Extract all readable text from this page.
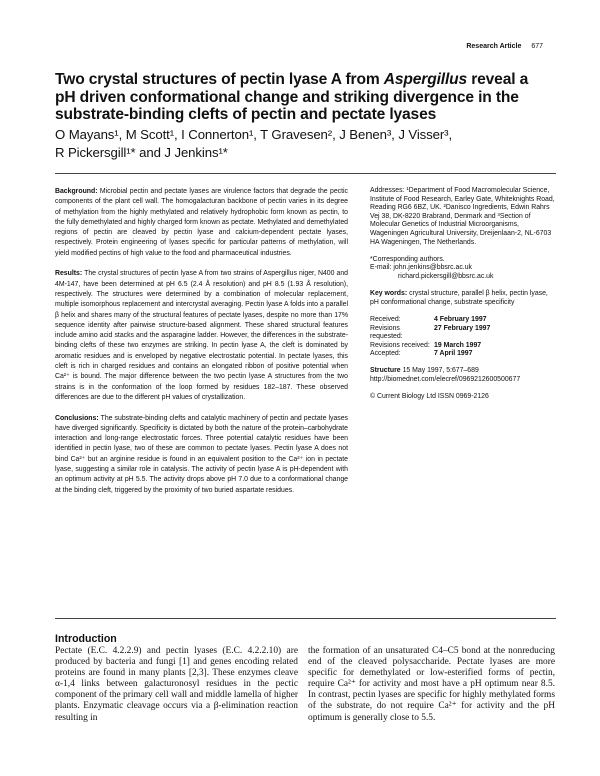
Research Article 677
Two crystal structures of pectin lyase A from Aspergillus reveal a
pH driven conformational change and striking divergence in the
substrate-binding clefts of pectin and pectate lyases
O Mayans¹, M Scott¹, I Connerton¹, T Gravesen², J Benen³, J Visser³,
R Pickersgill¹* and J Jenkins¹*

Background: Microbial pectin and pectate lyases are virulence factors that degrade the pectic components of the plant cell wall. The homogalacturan backbone of pectin varies in its degree of methylation from the highly methylated and relatively hydrophobic form known as pectin, to the fully demethylated and highly charged form known as pectate. Methylated and demethylated regions of pectin are cleaved by pectin lyase and calcium-dependent pectate lyases, respectively. Protein engineering of lyases specific for particular patterns of methylation, will yield modified pectins of high value to the food and pharmaceutical industries.

Results: The crystal structures of pectin lyase A from two strains of Aspergillus niger, N400 and 4M-147, have been determined at pH 6.5 (2.4 Å resolution) and pH 8.5 (1.93 Å resolution), respectively. The structures were determined by a combination of molecular replacement, multiple isomorphous replacement and intercrystal averaging. Pectin lyase A folds into a parallel β helix and shares many of the structural features of pectate lyases, despite no more than 17% sequence identity after pairwise structure-based alignment. These shared structural features include amino acid stacks and the asparagine ladder. However, the differences in the substrate-binding clefts of these two enzymes are striking. In pectin lyase A, the cleft is dominated by aromatic residues and is enveloped by negative electrostatic potential. In pectate lyases, this cleft is rich in charged residues and contains an elongated ribbon of positive potential when Ca²⁺ is bound. The major difference between the two pectin lyase A structures from the two strains is in the conformation of the loop formed by residues 182–187. These observed differences are due to the different pH values of crystallization.

Conclusions: The substrate-binding clefts and catalytic machinery of pectin and pectate lyases have diverged significantly. Specificity is dictated by both the nature of the protein–carbohydrate interaction and long-range electrostatic forces. Three potential catalytic residues have been identified in pectin lyase, two of these are common to pectate lyases. Pectin lyase A does not bind Ca²⁺ but an arginine residue is found in an equivalent position to the Ca²⁺ ion in pectate lyase, suggesting a similar role in catalysis. The activity of pectin lyase A is pH-dependent with an optimum activity at pH 5.5. The activity drops above pH 7.0 due to a conformational change at the binding cleft, triggered by the proximity of two buried aspartate residues.

Addresses: ¹Department of Food Macromolecular Science, Institute of Food Research, Earley Gate, Whiteknights Road, Reading RG6 6BZ, UK. ²Danisco Ingredients, Edwin Rahrs Vej 38, DK-8220 Brabrand, Denmark and ³Section of Molecular Genetics of Industrial Microorganisms, Wageningen Agricultural University, Dreijenlaan-2, NL-6703 HA Wageningen, The Netherlands.

*Corresponding authors.
E-mail: john.jenkins@bbsrc.ac.uk
richard.pickersgill@bbsrc.ac.uk

Key words: crystal structure, parallel β helix, pectin lyase, pH conformational change, substrate specificity

Received:	4 February 1997
Revisions requested:
27 February 1997
Revisions received: 19 March 1997
Accepted:	7 April 1997

Structure 15 May 1997, 5:677–689
http://biomednet.com/elecref/0969212600500677

© Current Biology Ltd ISSN 0969-2126

Introduction
Pectate (E.C. 4.2.2.9) and pectin lyases (E.C. 4.2.2.10) are produced by bacteria and fungi [1] and genes encoding related proteins are found in many plants [2,3]. These enzymes cleave α-1,4 links between galacturonosyl residues in the pectic component of the primary cell wall and middle lamella of higher plants. Enzymatic cleavage occurs via a β-elimination reaction resulting in
the formation of an unsaturated C4–C5 bond at the nonreducing end of the cleaved polysaccharide. Pectate lyases are more specific for demethylated or low-esterified forms of pectin, require Ca²⁺ for activity and most have a pH optimum near 8.5. In contrast, pectin lyases are specific for highly methylated forms of the substrate, do not require Ca²⁺ for activity and the pH optimum is generally close to 5.5.
